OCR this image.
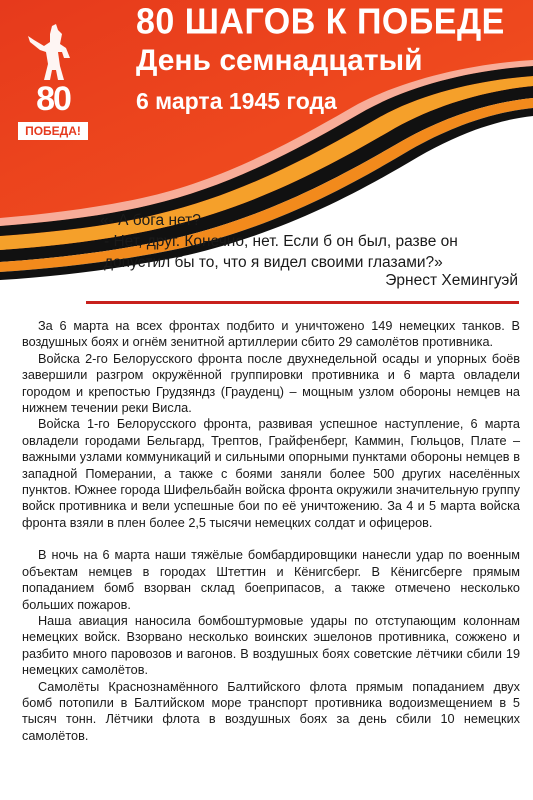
80
ПОБЕДА!
80 ШАГОВ К ПОБЕДЕ
День семнадцатый
6 марта 1945 года
«- А бога нет?
- Нет, друг. Конечно, нет. Если б он был, разве он
допустил бы то, что я видел своими глазами?»
Эрнест Хемингуэй

За 6 марта на всех фронтах подбито и уничтожено 149 немецких танков. В воздушных боях и огнём зенитной артиллерии сбито 29 самолётов противника.

Войска 2-го Белорусского фронта после двухнедельной осады и упорных боёв завершили разгром окружённой группировки противника и 6 марта овладели городом и крепостью Грудзяндз (Грауденц) – мощным узлом обороны немцев на нижнем течении реки Висла.

Войска 1-го Белорусского фронта, развивая успешное наступление, 6 марта овладели городами Бельгард, Трептов, Грайфенберг, Каммин, Гюльцов, Плате – важными узлами коммуникаций и сильными опорными пунктами обороны немцев в западной Померании, а также с боями заняли более 500 других населённых пунктов. Южнее города Шифельбайн войска фронта окружили значительную группу войск противника и вели успешные бои по её уничтожению. За 4 и 5 марта войска фронта взяли в плен более 2,5 тысячи немецких солдат и офицеров.

В ночь на 6 марта наши тяжёлые бомбардировщики нанесли удар по военным объектам немцев в городах Штеттин и Кёнигсберг. В Кёнигсберге прямым попаданием бомб взорван склад боеприпасов, а также отмечено несколько больших пожаров.

Наша авиация наносила бомбоштурмовые удары по отступающим колоннам немецких войск. Взорвано несколько воинских эшелонов противника, сожжено и разбито много паровозов и вагонов. В воздушных боях советские лётчики сбили 19 немецких самолётов.

Самолёты Краснознамённого Балтийского флота прямым попаданием двух бомб потопили в Балтийском море транспорт противника водоизмещением в 5 тысяч тонн. Лётчики флота в воздушных боях за день сбили 10 немецких самолётов.
